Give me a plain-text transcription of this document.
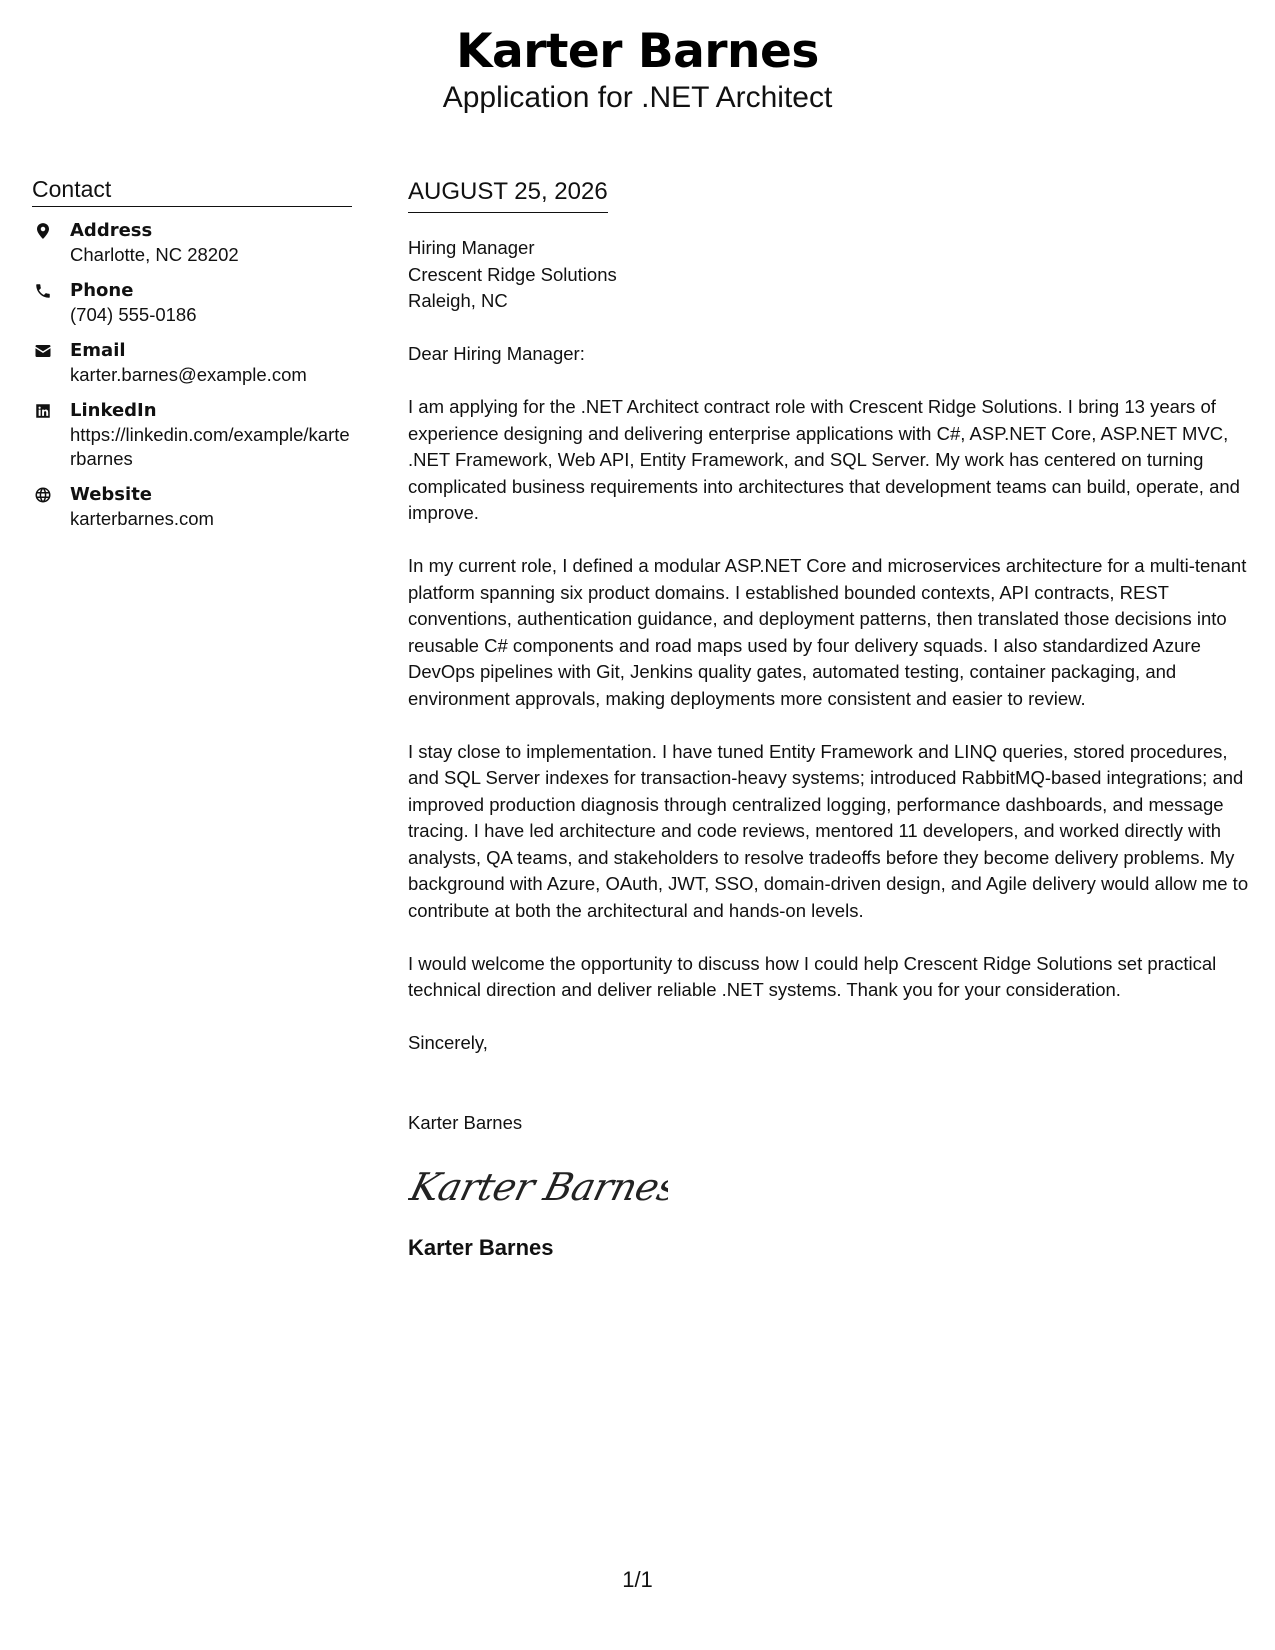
Karter Barnes
Application for .NET Architect
Contact
Address
Charlotte, NC 28202
Phone
(704) 555-0186
Email
karter.barnes@example.com
LinkedIn
https://linkedin.com/example/karterbarnes
Website
karterbarnes.com
AUGUST 25, 2026
Hiring Manager
Crescent Ridge Solutions
Raleigh, NC
Dear Hiring Manager:
I am applying for the .NET Architect contract role with Crescent Ridge Solutions. I bring 13 years of experience designing and delivering enterprise applications with C#, ASP.NET Core, ASP.NET MVC, .NET Framework, Web API, Entity Framework, and SQL Server. My work has centered on turning complicated business requirements into architectures that development teams can build, operate, and improve.
In my current role, I defined a modular ASP.NET Core and microservices architecture for a multi-tenant platform spanning six product domains. I established bounded contexts, API contracts, REST conventions, authentication guidance, and deployment patterns, then translated those decisions into reusable C# components and road maps used by four delivery squads. I also standardized Azure DevOps pipelines with Git, Jenkins quality gates, automated testing, container packaging, and environment approvals, making deployments more consistent and easier to review.
I stay close to implementation. I have tuned Entity Framework and LINQ queries, stored procedures, and SQL Server indexes for transaction-heavy systems; introduced RabbitMQ-based integrations; and improved production diagnosis through centralized logging, performance dashboards, and message tracing. I have led architecture and code reviews, mentored 11 developers, and worked directly with analysts, QA teams, and stakeholders to resolve tradeoffs before they become delivery problems. My background with Azure, OAuth, JWT, SSO, domain-driven design, and Agile delivery would allow me to contribute at both the architectural and hands-on levels.
I would welcome the opportunity to discuss how I could help Crescent Ridge Solutions set practical technical direction and deliver reliable .NET systems. Thank you for your consideration.
Sincerely,
Karter Barnes
Karter Barnes
Karter Barnes
1/1
